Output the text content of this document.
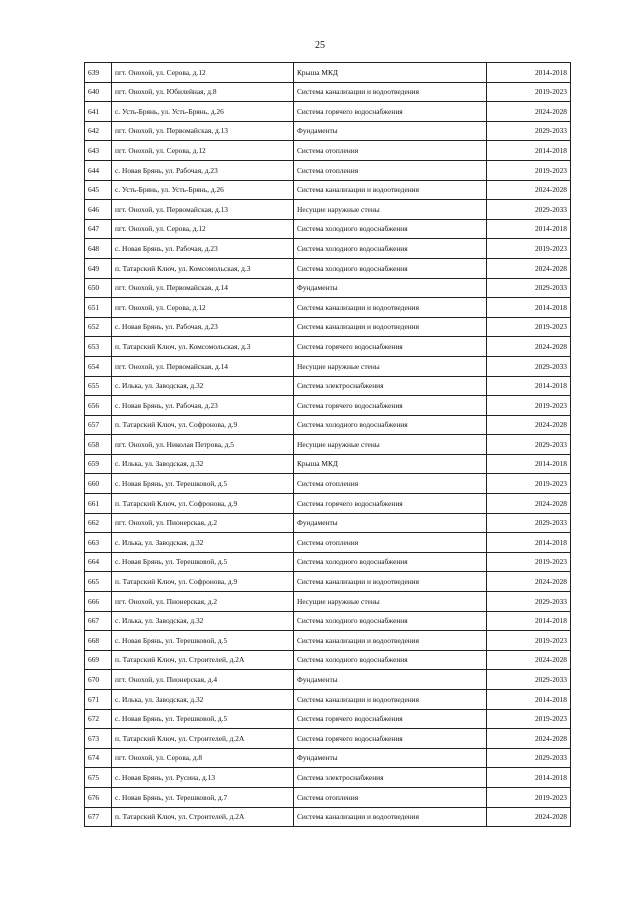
25
639	пгт. Онохой, ул. Серова, д.12	Крыша МКД	2014-2018
640	пгт. Онохой, ул. Юбилейная, д.8	Система канализации и водоотведения	2019-2023
641	с. Усть-Брянь, ул. Усть-Брянь, д.26	Система горячего водоснабжения	2024-2028
642	пгт. Онохой, ул. Первомайская, д.13	Фундаменты	2029-2033
643	пгт. Онохой, ул. Серова, д.12	Система отопления	2014-2018
644	с. Новая Брянь, ул. Рабочая, д.23	Система отопления	2019-2023
645	с. Усть-Брянь, ул. Усть-Брянь, д.26	Система канализации и водоотведения	2024-2028
646	пгт. Онохой, ул. Первомайская, д.13	Несущие наружные стены	2029-2033
647	пгт. Онохой, ул. Серова, д.12	Система холодного водоснабжения	2014-2018
648	с. Новая Брянь, ул. Рабочая, д.23	Система холодного водоснабжения	2019-2023
649	п. Татарский Ключ, ул. Комсомольская, д.3	Система холодного водоснабжения	2024-2028
650	пгт. Онохой, ул. Первомайская, д.14	Фундаменты	2029-2033
651	пгт. Онохой, ул. Серова, д.12	Система канализации и водоотведения	2014-2018
652	с. Новая Брянь, ул. Рабочая, д.23	Система канализации и водоотведения	2019-2023
653	п. Татарский Ключ, ул. Комсомольская, д.3	Система горячего водоснабжения	2024-2028
654	пгт. Онохой, ул. Первомайская, д.14	Несущие наружные стены	2029-2033
655	с. Илька, ул. Заводская, д.32	Система электроснабжения	2014-2018
656	с. Новая Брянь, ул. Рабочая, д.23	Система горячего водоснабжения	2019-2023
657	п. Татарский Ключ, ул. Софронова, д.9	Система холодного водоснабжения	2024-2028
658	пгт. Онохой, ул. Николая Петрова, д.5	Несущие наружные стены	2029-2033
659	с. Илька, ул. Заводская, д.32	Крыша МКД	2014-2018
660	с. Новая Брянь, ул. Терешковой, д.5	Система отопления	2019-2023
661	п. Татарский Ключ, ул. Софронова, д.9	Система горячего водоснабжения	2024-2028
662	пгт. Онохой, ул. Пионерская, д.2	Фундаменты	2029-2033
663	с. Илька, ул. Заводская, д.32	Система отопления	2014-2018
664	с. Новая Брянь, ул. Терешковой, д.5	Система холодного водоснабжения	2019-2023
665	п. Татарский Ключ, ул. Софронова, д.9	Система канализации и водоотведения	2024-2028
666	пгт. Онохой, ул. Пионерская, д.2	Несущие наружные стены	2029-2033
667	с. Илька, ул. Заводская, д.32	Система холодного водоснабжения	2014-2018
668	с. Новая Брянь, ул. Терешковой, д.5	Система канализации и водоотведения	2019-2023
669	п. Татарский Ключ, ул. Строителей, д.2А	Система холодного водоснабжения	2024-2028
670	пгт. Онохой, ул. Пионерская, д.4	Фундаменты	2029-2033
671	с. Илька, ул. Заводская, д.32	Система канализации и водоотведения	2014-2018
672	с. Новая Брянь, ул. Терешковой, д.5	Система горячего водоснабжения	2019-2023
673	п. Татарский Ключ, ул. Строителей, д.2А	Система горячего водоснабжения	2024-2028
674	пгт. Онохой, ул. Серова, д.8	Фундаменты	2029-2033
675	с. Новая Брянь, ул. Русина, д.13	Система электроснабжения	2014-2018
676	с. Новая Брянь, ул. Терешковой, д.7	Система отопления	2019-2023
677	п. Татарский Ключ, ул. Строителей, д.2А	Система канализации и водоотведения	2024-2028
